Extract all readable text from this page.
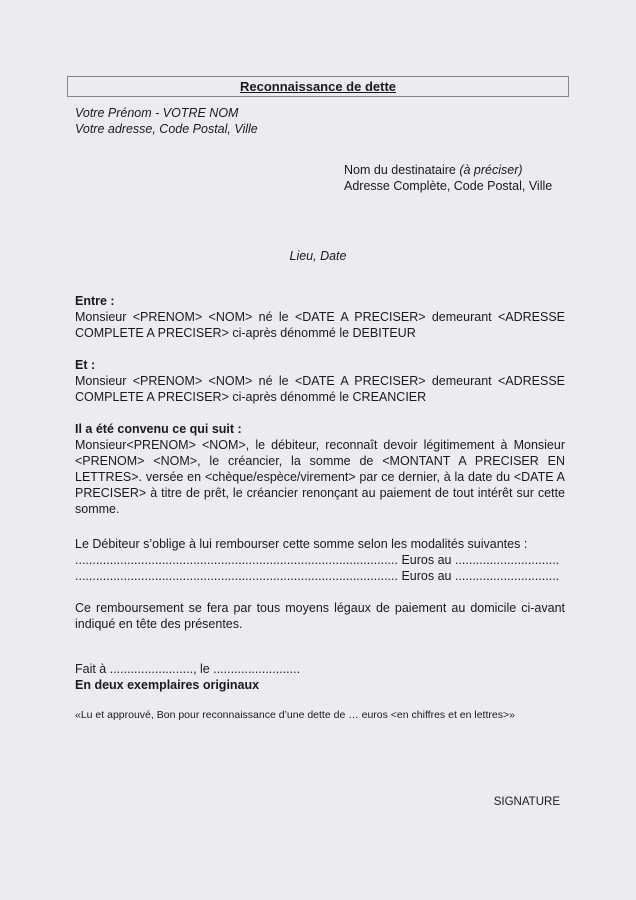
Reconnaissance de dette
Votre Prénom - VOTRE NOM
Votre adresse, Code Postal, Ville
Nom du destinataire (à préciser)
Adresse Complète, Code Postal, Ville
Lieu, Date
Entre :
Monsieur <PRENOM> <NOM> né le <DATE A PRECISER> demeurant <ADRESSE COMPLETE A PRECISER> ci-après dénommé le DEBITEUR
Et :
Monsieur <PRENOM> <NOM> né le <DATE A PRECISER> demeurant <ADRESSE COMPLETE A PRECISER> ci-après dénommé le CREANCIER
Il a été convenu ce qui suit :
Monsieur<PRENOM> <NOM>, le débiteur, reconnaît devoir légitimement à Monsieur <PRENOM> <NOM>, le créancier, la somme de <MONTANT A PRECISER EN LETTRES>. versée en <chèque/espèce/virement> par ce dernier, à la date du <DATE A PRECISER> à titre de prêt, le créancier renonçant au paiement de tout intérêt sur cette somme.
Le Débiteur s’oblige à lui rembourser cette somme selon les modalités suivantes :
............................................................................................. Euros au ..............................
............................................................................................. Euros au ..............................
Ce remboursement se fera par tous moyens légaux de paiement au domicile ci-avant indiqué en tête des présentes.
Fait à ........................, le .........................
En deux exemplaires originaux
«Lu et approuvé, Bon pour reconnaissance d’une dette de … euros <en chiffres et en lettres>»
SIGNATURE
